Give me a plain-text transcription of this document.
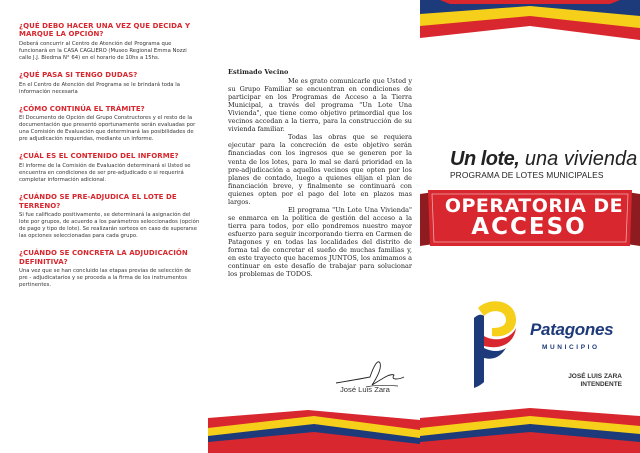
¿QUÉ DEBO HACER UNA VEZ QUE DECIDA Y MARQUE LA OPCIÓN?
Deberá concurrir al Centro de Atención del Programa que funcionará en la CASA CAGLIERO (Museo Regional Emma Nozzi calle J.J. Biedma N° 64) en el horario de 10hs a 15hs.
¿QUÉ PASA SI TENGO DUDAS?
En el Centro de Atención del Programa se le brindará toda la información necesaria
¿CÓMO CONTINÚA EL TRÁMITE?
El Documento de Opción del Grupo Constructores y el resto de la documentación que presentó oportunamente serán evaluadas por una Comisión de Evaluación que determinará las posibilidades de pre adjudicación requeridas, mediante un informe.
¿CUÁL ES EL CONTENIDO DEL INFORME?
El informe de la Comisión de Evaluación determinará si Usted se encuentra en condiciones de ser pre-adjudicado o si requerirá completar información adicional.
¿CUÁNDO SE PRE-ADJUDICA EL LOTE DE TERRENO?
Si fue calificado positivamente, se determinará la asignación del lote por grupos, de acuerdo a los parámetros seleccionados (opción de pago y tipo de lote). Se realizarán sorteos en caso de superarse las opciones seleccionadas para cada grupo.
¿CUÁNDO SE CONCRETA LA ADJUDICACIÓN DEFINITIVA?
Una vez que se han concluido las etapas previas de selección de pre - adjudicatarios y se proceda a la firma de los instrumentos pertinentes.
Estimado Vecino

Me es grato comunicarle que Usted y su Grupo Familiar se encuentran en condiciones de participar en los Programas de Acceso a la Tierra Municipal, a través del programa "Un Lote Una Vivienda", que tiene como objetivo primordial que los vecinos accedan a la tierra, para la construcción de su vivienda familiar.

Todas las obras que se requiera ejecutar para la concreción de este objetivo serán financiadas con los ingresos que se generen por la venta de los lotes, para lo mal se dará prioridad en la pre-adjudicación a aquellos vecinos que opten por los planes de contado, luego a quienes elijan el plan de financiación breve, y finalmente se continuará con quienes opten por el pago del lote en plazos mas largos.

El programa "Un Lote Una Vivienda" se enmarca en la política de gestión del acceso a la tierra para todos, por ello pondremos nuestro mayor esfuerzo para seguir incorporando tierra en Carmen de Patagones y en todas las localidades del distrito de forma tal de concretar el sueño de muchas familias y, en este trayecto que hacemos JUNTOS, los animamos a continuar en este desafío de trabajar para solucionar los problemas de TODOS.

José Luis Zara
Un lote, una vivienda
PROGRAMA DE LOTES MUNICIPALES
OPERATORIA DE
ACCESO
Patagones
MUNICIPIO
JOSÉ LUIS ZARA
INTENDENTE
